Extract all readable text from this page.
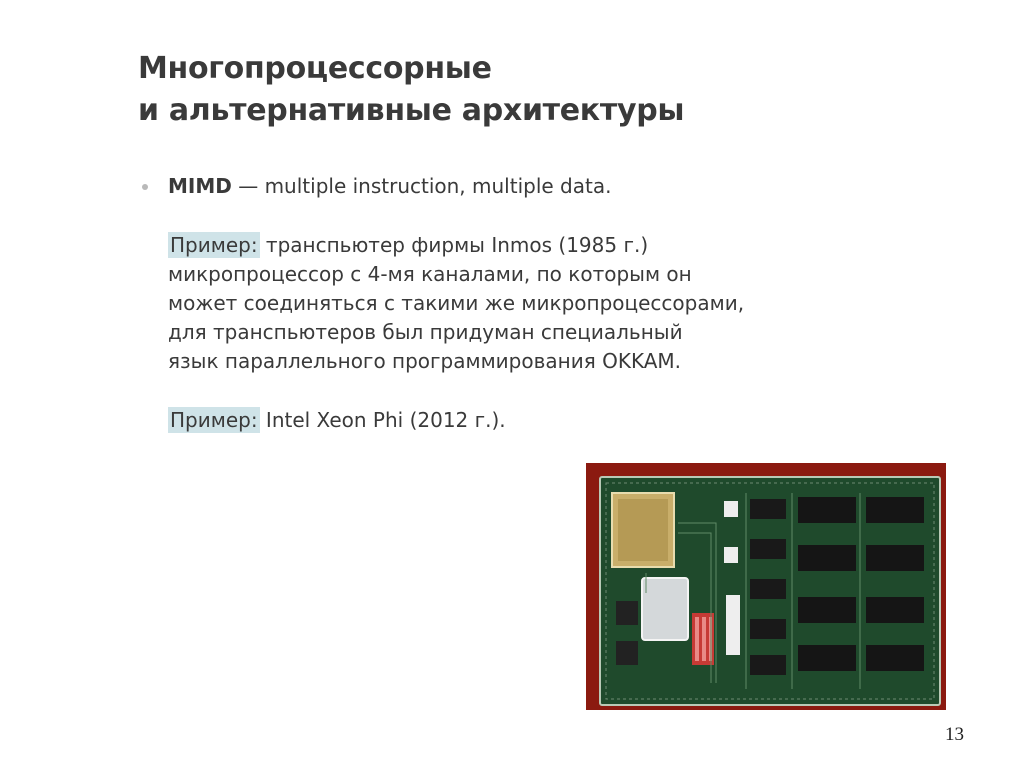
Многопроцессорные
и альтернативные архитектуры
MIMD — multiple instruction, multiple data.
Пример: транспьютер фирмы Inmos (1985 г.)
микропроцессор с 4-мя каналами, по которым он
может соединяться с такими же микропроцессорами,
для транспьютеров был придуман специальный
язык параллельного программирования OKKAM.
Пример: Intel Xeon Phi (2012 г.).
13
